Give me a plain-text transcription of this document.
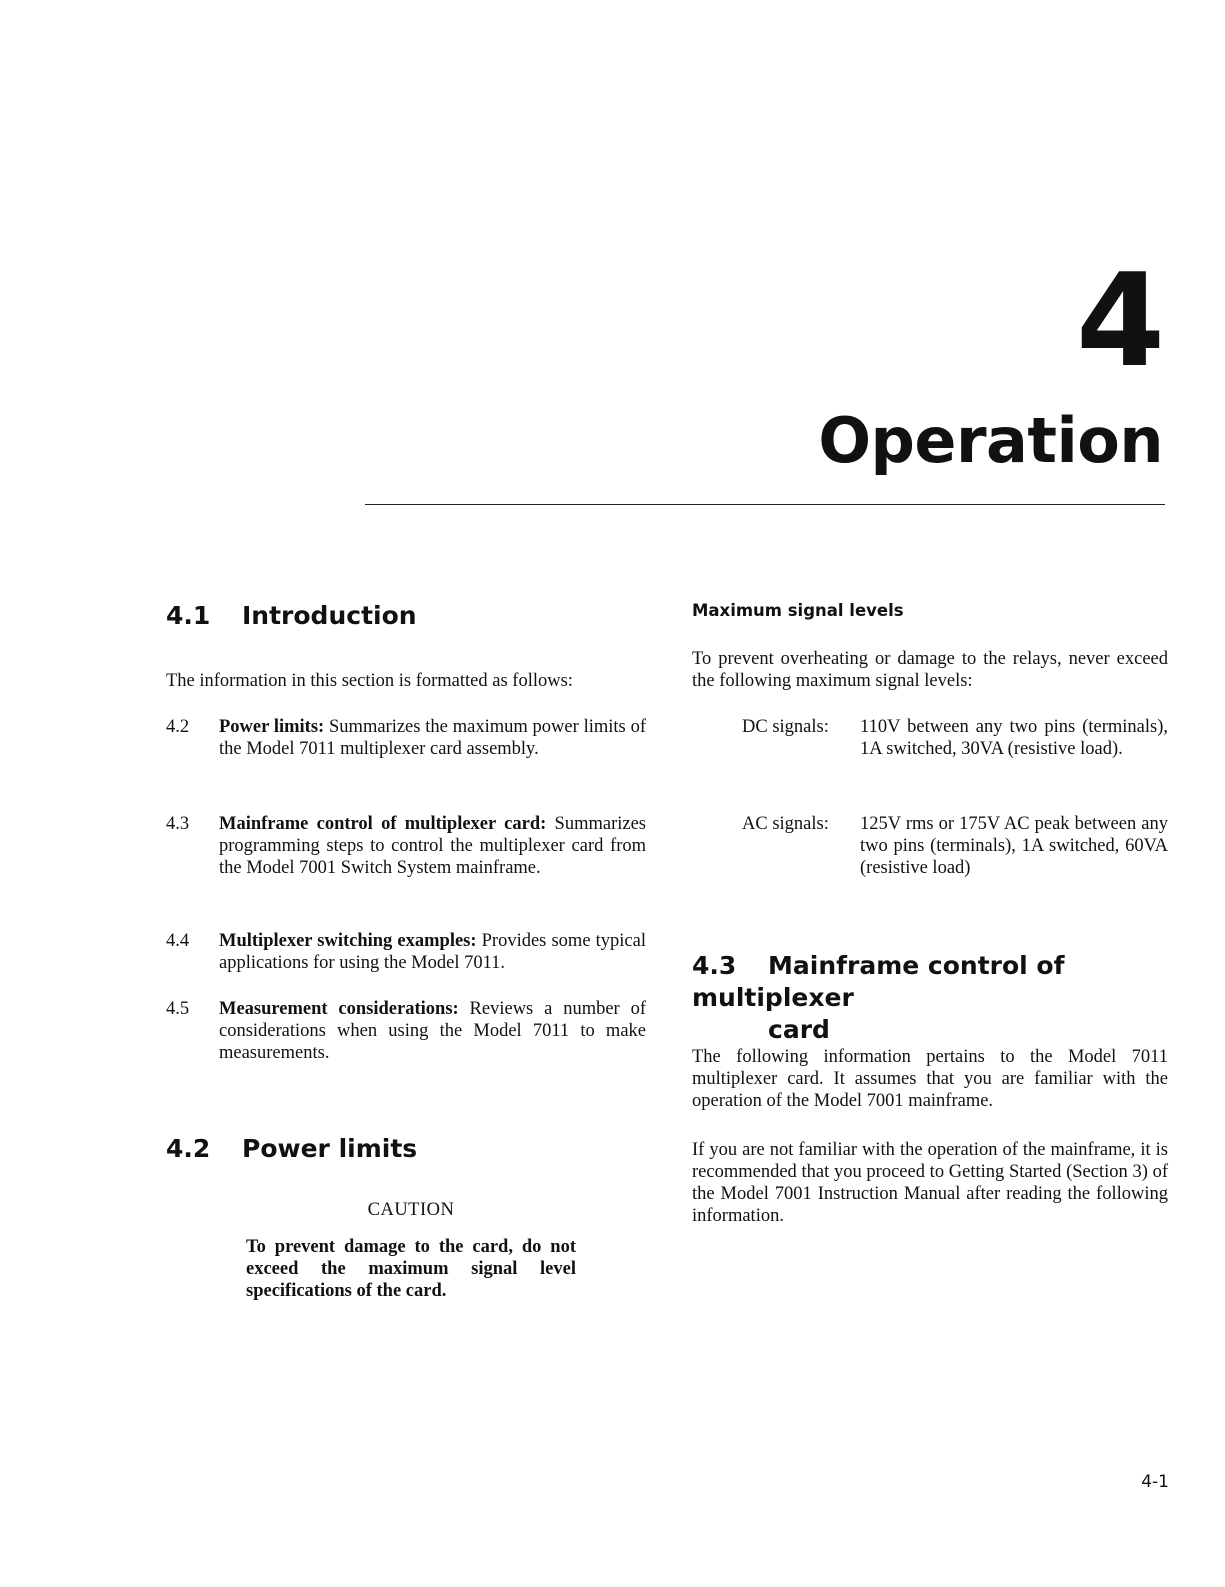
4
Operation
4.1 Introduction
The information in this section is formatted as follows:
4.2	Power limits: Summarizes the maximum power limits of the Model 7011 multiplexer card assembly.
4.3	Mainframe control of multiplexer card: Summarizes programming steps to control the multiplexer card from the Model 7001 Switch System mainframe.
4.4	Multiplexer switching examples: Provides some typical applications for using the Model 7011.
4.5	Measurement considerations: Reviews a number of considerations when using the Model 7011 to make measurements.
4.2 Power limits
CAUTION
To prevent damage to the card, do not exceed the maximum signal level specifications of the card.
Maximum signal levels
To prevent overheating or damage to the relays, never exceed the following maximum signal levels:
DC signals: 110V between any two pins (terminals), 1A switched, 30VA (resistive load).
AC signals: 125V rms or 175V AC peak between any two pins (terminals), 1A switched, 60VA (resistive load)
4.3 Mainframe control of multiplexer
card
The following information pertains to the Model 7011 multiplexer card. It assumes that you are familiar with the operation of the Model 7001 mainframe.
If you are not familiar with the operation of the mainframe, it is recommended that you proceed to Getting Started (Section 3) of the Model 7001 Instruction Manual after reading the following information.
4-1
